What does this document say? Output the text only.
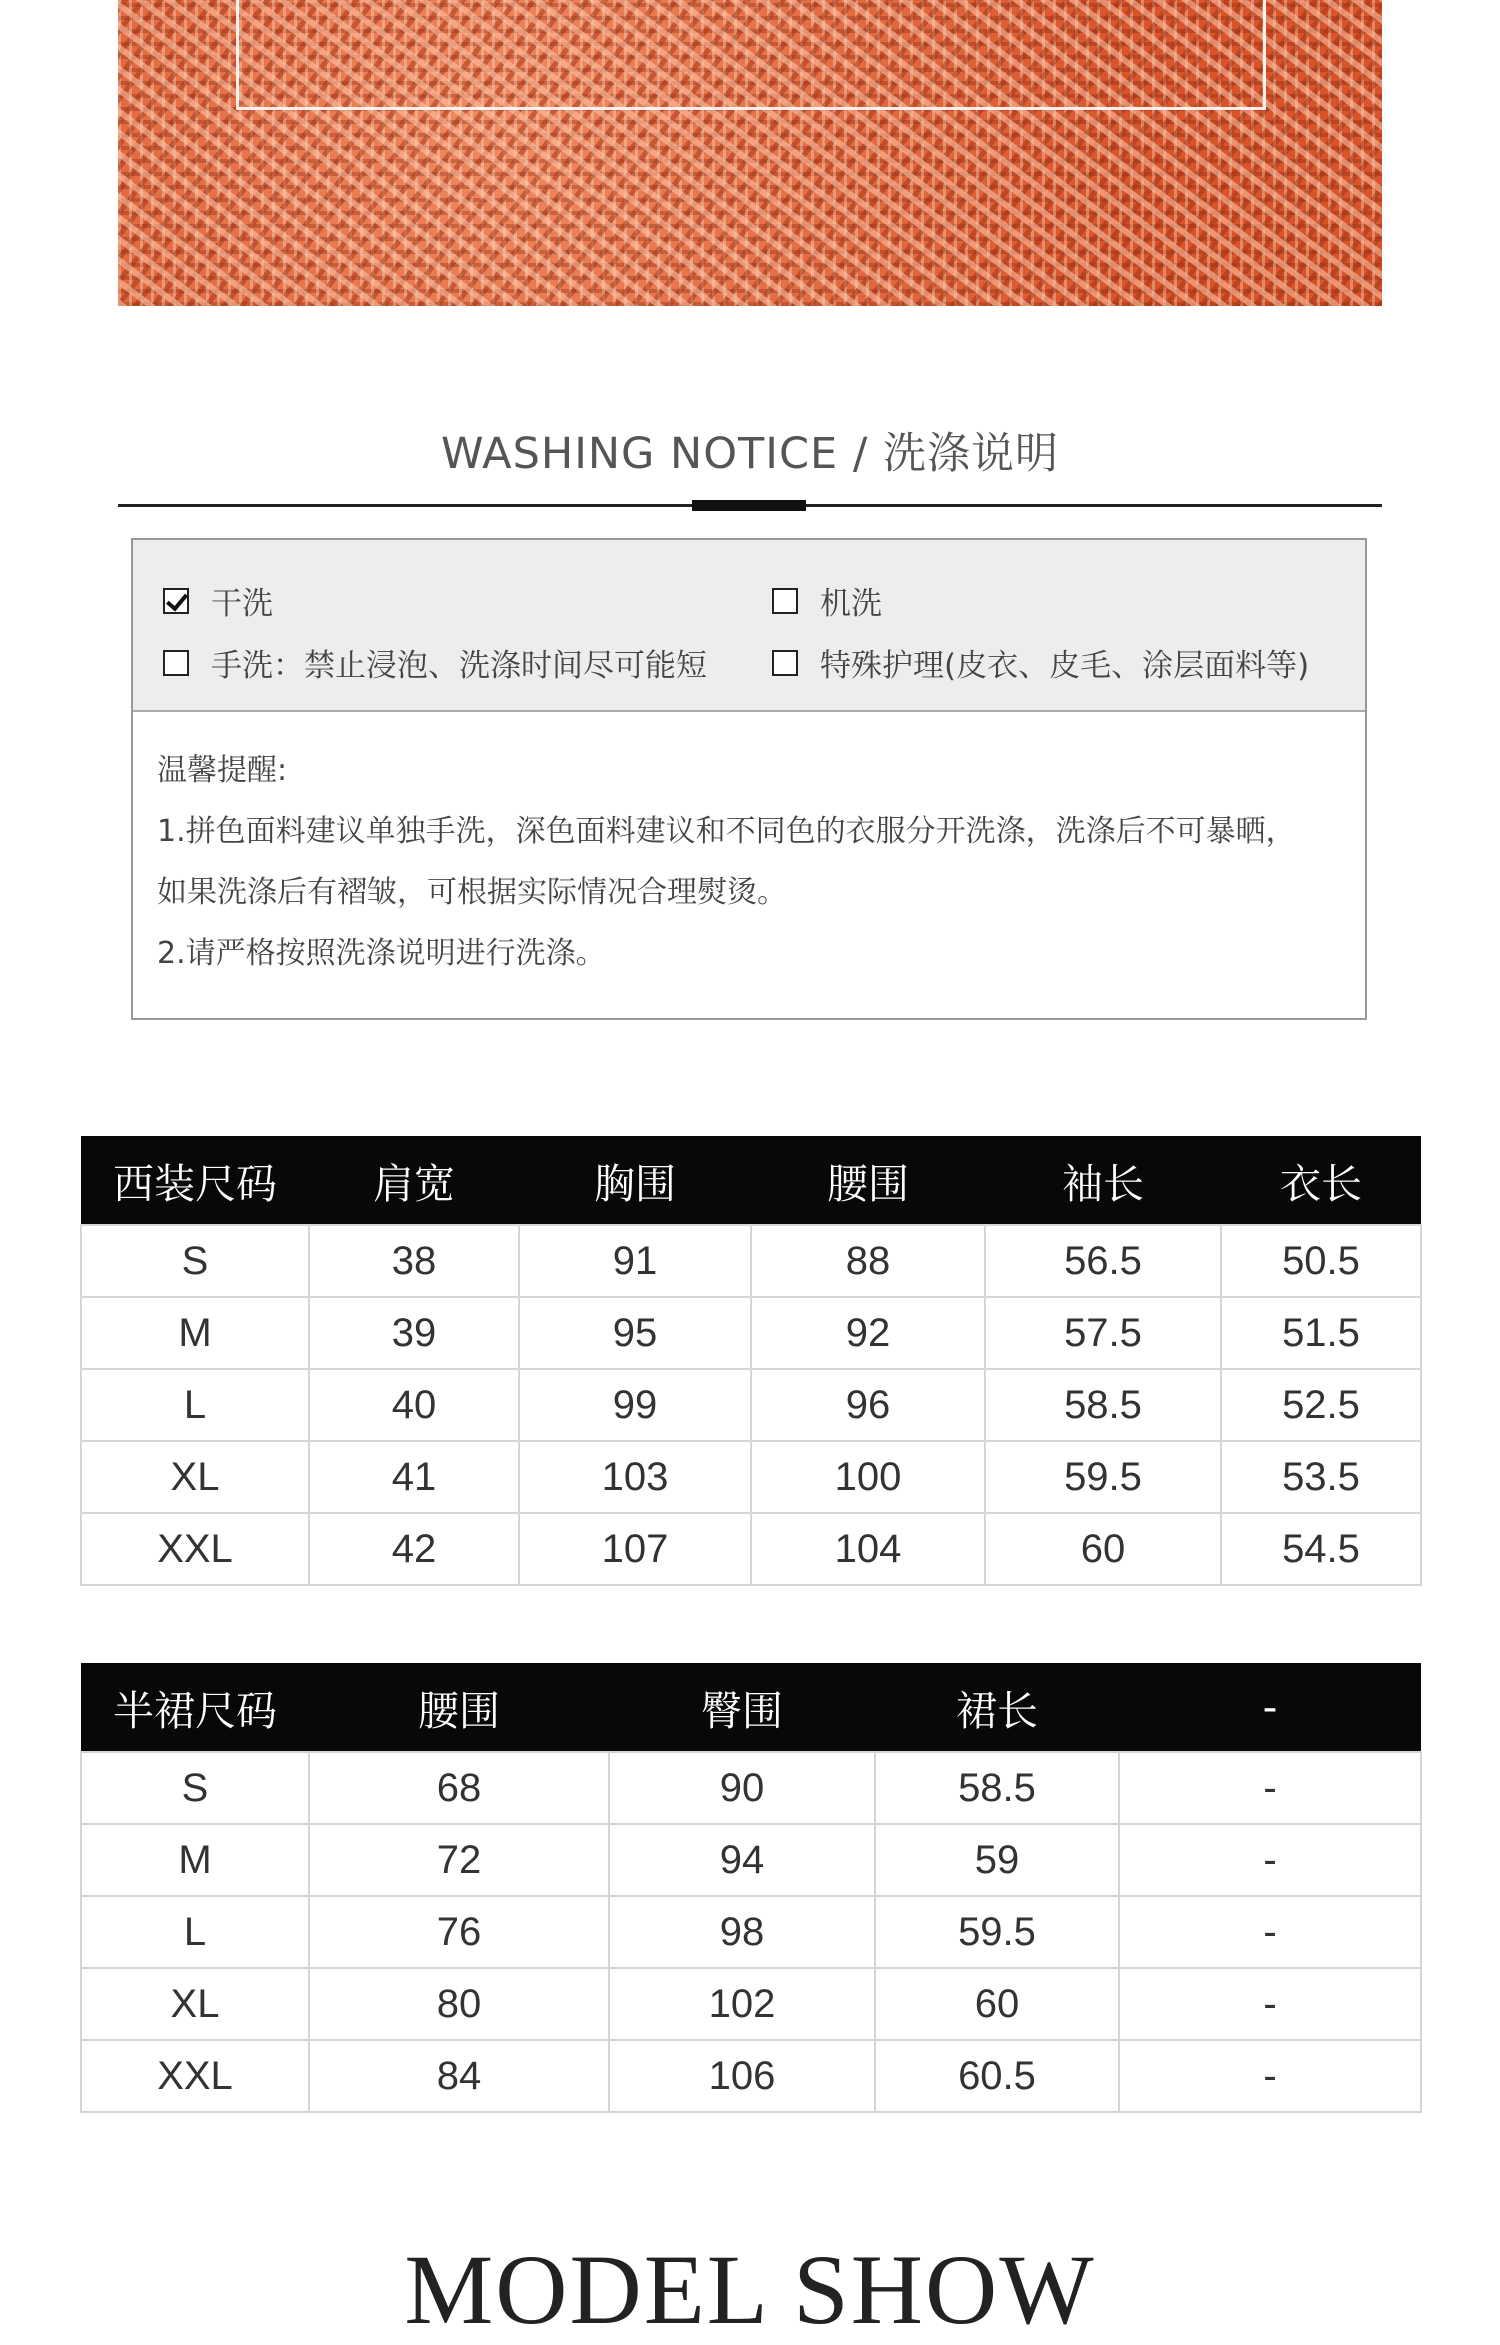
WASHING NOTICE / 洗涤说明
干洗	机洗
手洗：禁止浸泡、洗涤时间尽可能短	特殊护理(皮衣、皮毛、涂层面料等)
温馨提醒:
1.拼色面料建议单独手洗，深色面料建议和不同色的衣服分开洗涤，洗涤后不可暴晒，
如果洗涤后有褶皱，可根据实际情况合理熨烫。
2.请严格按照洗涤说明进行洗涤。
西装尺码	肩宽	胸围	腰围	袖长	衣长
S	38	91	88	56.5	50.5
M	39	95	92	57.5	51.5
L	40	99	96	58.5	52.5
XL	41	103	100	59.5	53.5
XXL	42	107	104	60	54.5
半裙尺码	腰围	臀围	裙长	-
S	68	90	58.5	-
M	72	94	59	-
L	76	98	59.5	-
XL	80	102	60	-
XXL	84	106	60.5	-
MODEL SHOW
